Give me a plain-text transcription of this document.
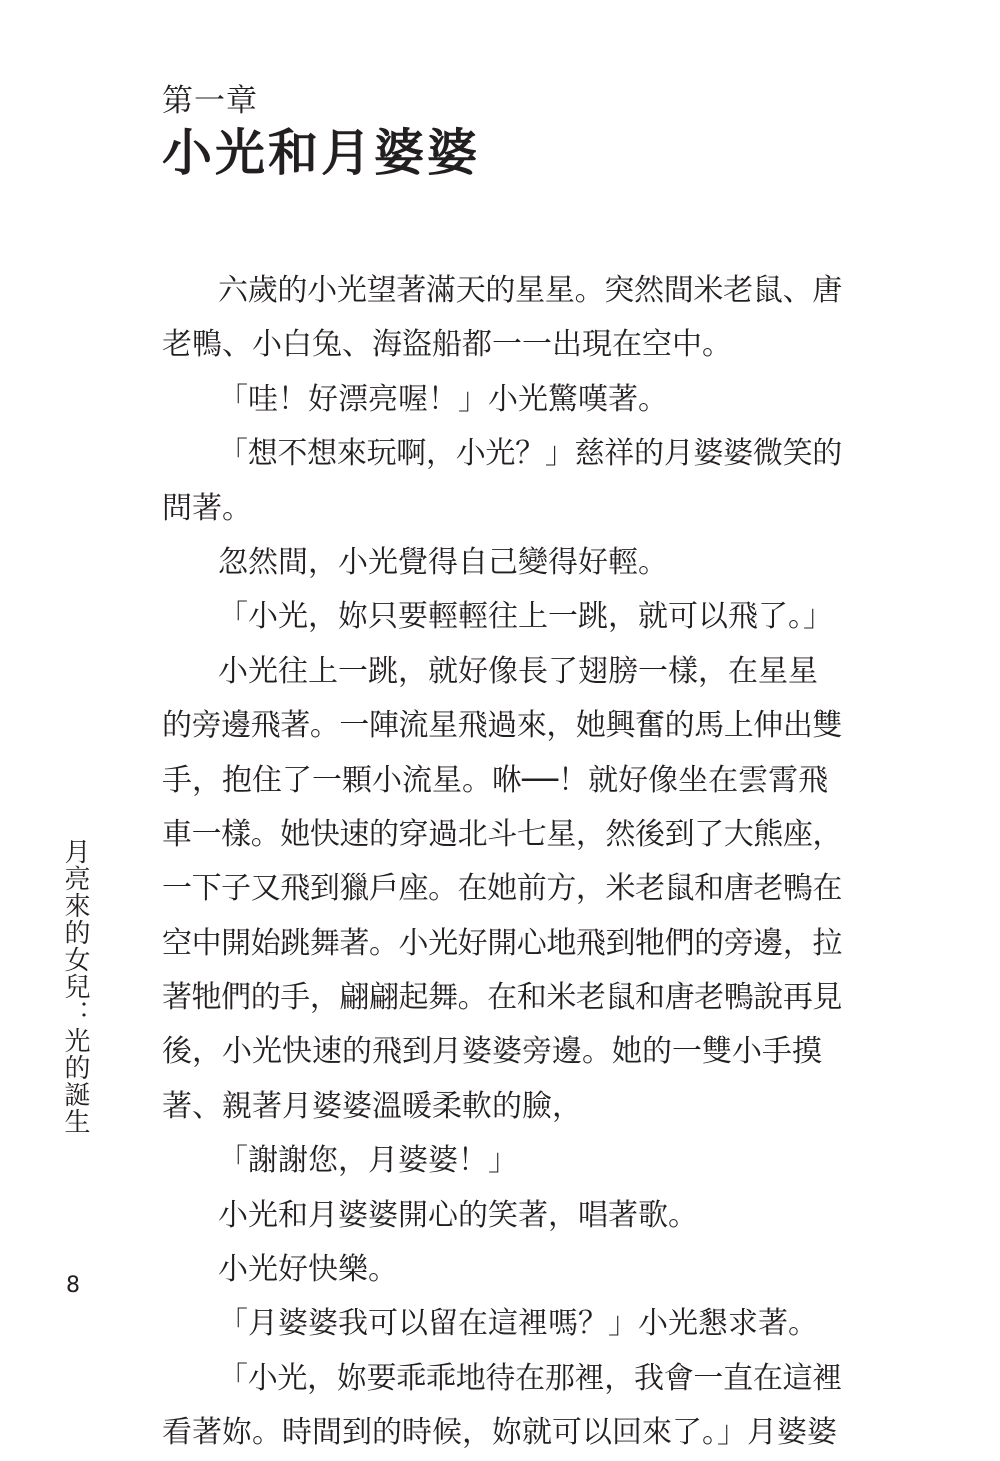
第一章
小光和月婆婆
六歲的小光望著滿天的星星。突然間米老鼠、唐
老鴨、小白兔、海盜船都一一出現在空中。
「哇！好漂亮喔！」小光驚嘆著。
「想不想來玩啊，小光？」慈祥的月婆婆微笑的
問著。
忽然間，小光覺得自己變得好輕。
「小光，妳只要輕輕往上一跳，就可以飛了。」
小光往上一跳，就好像長了翅膀一樣，在星星
的旁邊飛著。一陣流星飛過來，她興奮的馬上伸出雙
手，抱住了一顆小流星。咻──！就好像坐在雲霄飛
車一樣。她快速的穿過北斗七星，然後到了大熊座，
一下子又飛到獵戶座。在她前方，米老鼠和唐老鴨在
空中開始跳舞著。小光好開心地飛到牠們的旁邊，拉
著牠們的手，翩翩起舞。在和米老鼠和唐老鴨說再見
後，小光快速的飛到月婆婆旁邊。她的一雙小手摸
著、親著月婆婆溫暖柔軟的臉，
「謝謝您，月婆婆！」
小光和月婆婆開心的笑著，唱著歌。
小光好快樂。
「月婆婆我可以留在這裡嗎？」小光懇求著。
「小光，妳要乖乖地待在那裡，我會一直在這裡
看著妳。時間到的時候，妳就可以回來了。」月婆婆
月亮來的女兒：光的誕生
8
